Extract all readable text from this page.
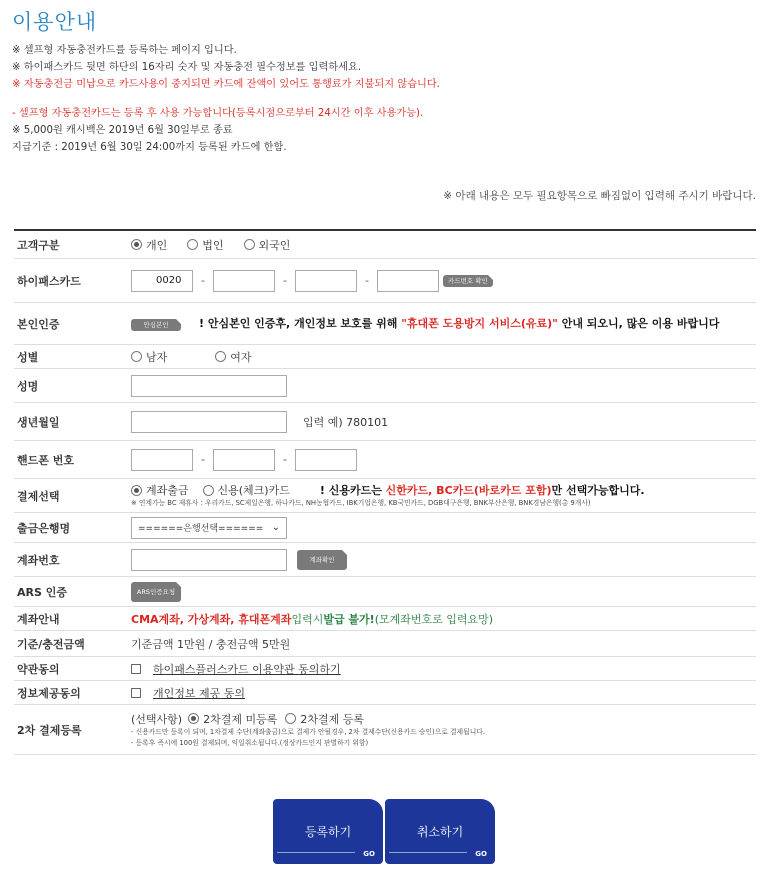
이용안내
※ 셀프형 자동충전카드를 등록하는 페이지 입니다.
※ 하이패스카드 뒷면 하단의 16자리 숫자 및 자동충전 필수정보를 입력하세요.
※ 자동충전금 미납으로 카드사용이 중지되면 카드에 잔액이 있어도 통행료가 지불되지 않습니다.
- 셀프형 자동충전카드는 등록 후 사용 가능합니다(등록시점으로부터 24시간 이후 사용가능).
※ 5,000원 캐시백은 2019년 6월 30일부로 종료
지급기준 : 2019년 6월 30일 24:00까지 등록된 카드에 한함.
※ 아래 내용은 모두 필요항목으로 빠짐없이 입력해 주시기 바랍니다.
고객구분	개인	법인	외국인
하이패스카드	0020	-	-	-	카드번호 확인
본인인증	안심본인	! 안심본인 인증후, 개인정보 보호를 위해 "휴대폰 도용방지 서비스(유료)" 안내 되오니, 많은 이용 바랍니다
성별	남자	여자
성명
생년월일	입력 예) 780101
핸드폰 번호	-	-
결제선택	계좌출금	신용(체크)카드	! 신용카드는 신한카드, BC카드(바로카드 포함)만 선택가능합니다.
※ 연계가능 BC 제휴사 : 우리카드, SC제일은행, 하나카드, NH농협카드, IBK기업은행, KB국민카드, DGB대구은행, BNK부산은행, BNK경남은행(총 9개사)
출금은행명	======은행선택====== ⌄
계좌번호	계좌확인
ARS 인증	ARS인증요청
계좌안내	CMA계좌, 가상계좌, 휴대폰계좌 입력시 발급 불가! (모계좌번호로 입력요망)
기준/충전금액	기준금액 1만원 / 충전금액 5만원
약관동의	하이패스플러스카드 이용약관 동의하기
정보제공동의	개인정보 제공 동의
2차 결제등록
(선택사항) 2차결제 미등록 2차결제 등록
- 신용카드만 등록이 되며, 1차결제 수단(계좌출금)으로 결제가 안될경우, 2차 결제수단(신용카드 승인)으로 결제됩니다.
- 등록후 즉시에 100원 결제되며, 익일취소됩니다.(정상카드인지 판별하기 위함)
등록하기
GO
취소하기
GO
